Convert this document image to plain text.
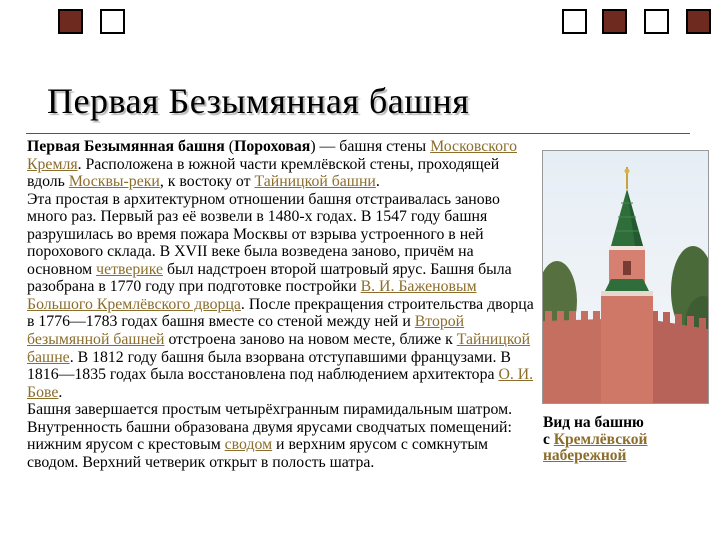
Первая Безымянная башня

Первая Безымянная башня (Пороховая) — башня стены Московского Кремля. Расположена в южной части кремлёвской стены, проходящей вдоль Москвы-реки, к востоку от Тайницкой башни.

Эта простая в архитектурном отношении башня отстраивалась заново много раз. Первый раз её возвели в 1480-х годах. В 1547 году башня разрушилась во время пожара Москвы от взрыва устроенного в ней порохового склада. В XVII веке была возведена заново, причём на основном четверике был надстроен второй шатровый ярус. Башня была разобрана в 1770 году при подготовке постройки В. И. Баженовым Большого Кремлёвского дворца. После прекращения строительства дворца в 1776—1783 годах башня вместе со стеной между ней и Второй безымянной башней отстроена заново на новом месте, ближе к Тайницкой башне. В 1812 году башня была взорвана отступавшими французами. В 1816—1835 годах была восстановлена под наблюдением архитектора О. И. Бове.

Башня завершается простым четырёхгранным пирамидальным шатром. Внутренность башни образована двумя ярусами сводчатых помещений: нижним ярусом с крестовым сводом и верхним ярусом с сомкнутым сводом. Верхний четверик открыт в полость шатра.

Вид на башню

с Кремлёвской

набережной
